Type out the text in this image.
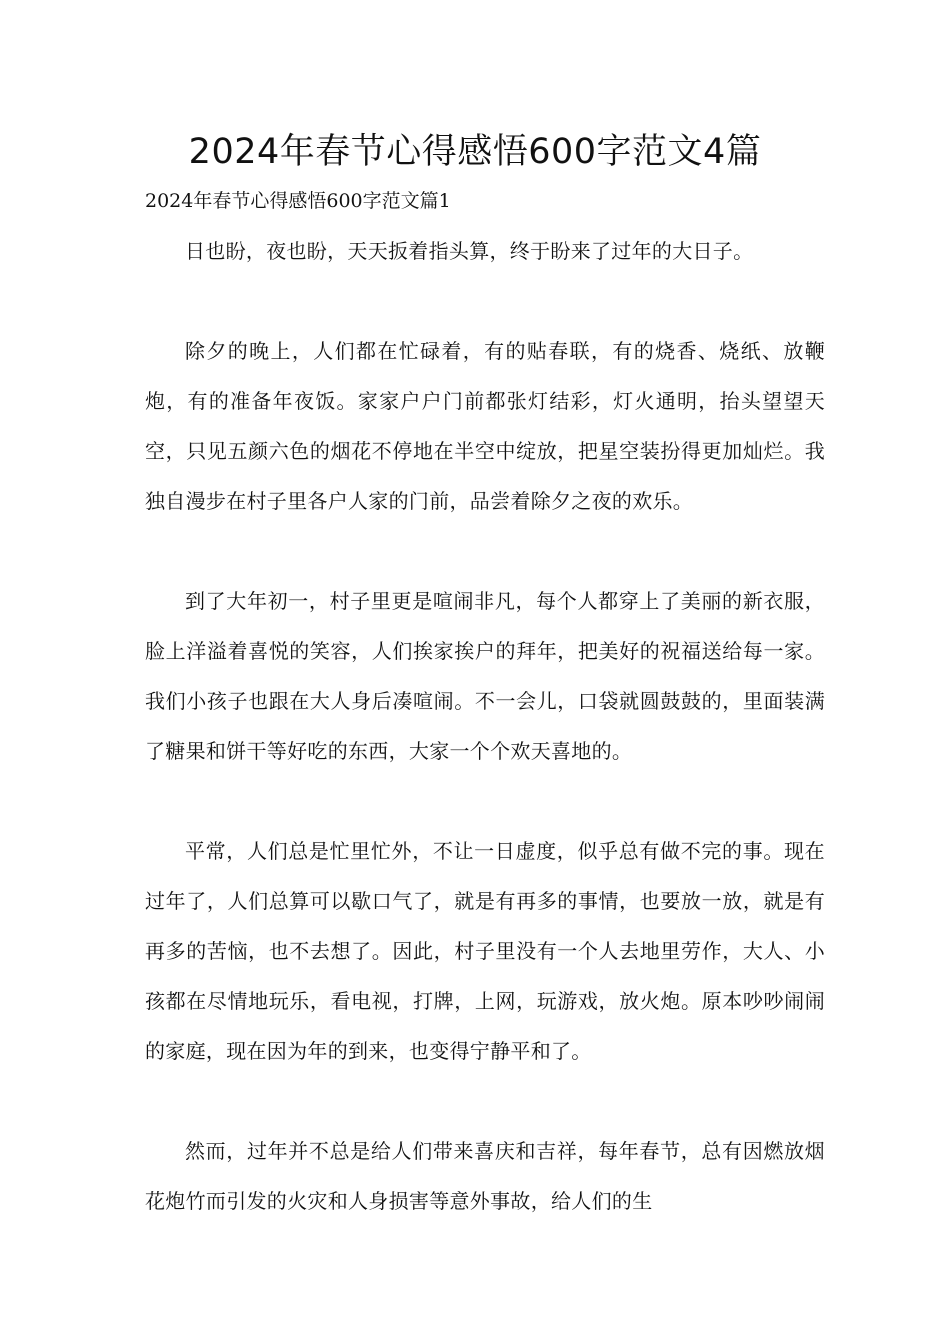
2024年春节心得感悟600字范文4篇

2024年春节心得感悟600字范文篇1

日也盼，夜也盼，天天扳着指头算，终于盼来了过年的大日子。

除夕的晚上，人们都在忙碌着，有的贴春联，有的烧香、烧纸、放鞭炮，有的准备年夜饭。家家户户门前都张灯结彩，灯火通明，抬头望望天空，只见五颜六色的烟花不停地在半空中绽放，把星空装扮得更加灿烂。我独自漫步在村子里各户人家的门前，品尝着除夕之夜的欢乐。

到了大年初一，村子里更是喧闹非凡，每个人都穿上了美丽的新衣服，脸上洋溢着喜悦的笑容，人们挨家挨户的拜年，把美好的祝福送给每一家。我们小孩子也跟在大人身后凑喧闹。不一会儿，口袋就圆鼓鼓的，里面装满了糖果和饼干等好吃的东西，大家一个个欢天喜地的。

平常，人们总是忙里忙外，不让一日虚度，似乎总有做不完的事。现在过年了，人们总算可以歇口气了，就是有再多的事情，也要放一放，就是有再多的苦恼，也不去想了。因此，村子里没有一个人去地里劳作，大人、小孩都在尽情地玩乐，看电视，打牌，上网，玩游戏，放火炮。原本吵吵闹闹的家庭，现在因为年的到来，也变得宁静平和了。

然而，过年并不总是给人们带来喜庆和吉祥，每年春节，总有因燃放烟花炮竹而引发的火灾和人身损害等意外事故，给人们的生
